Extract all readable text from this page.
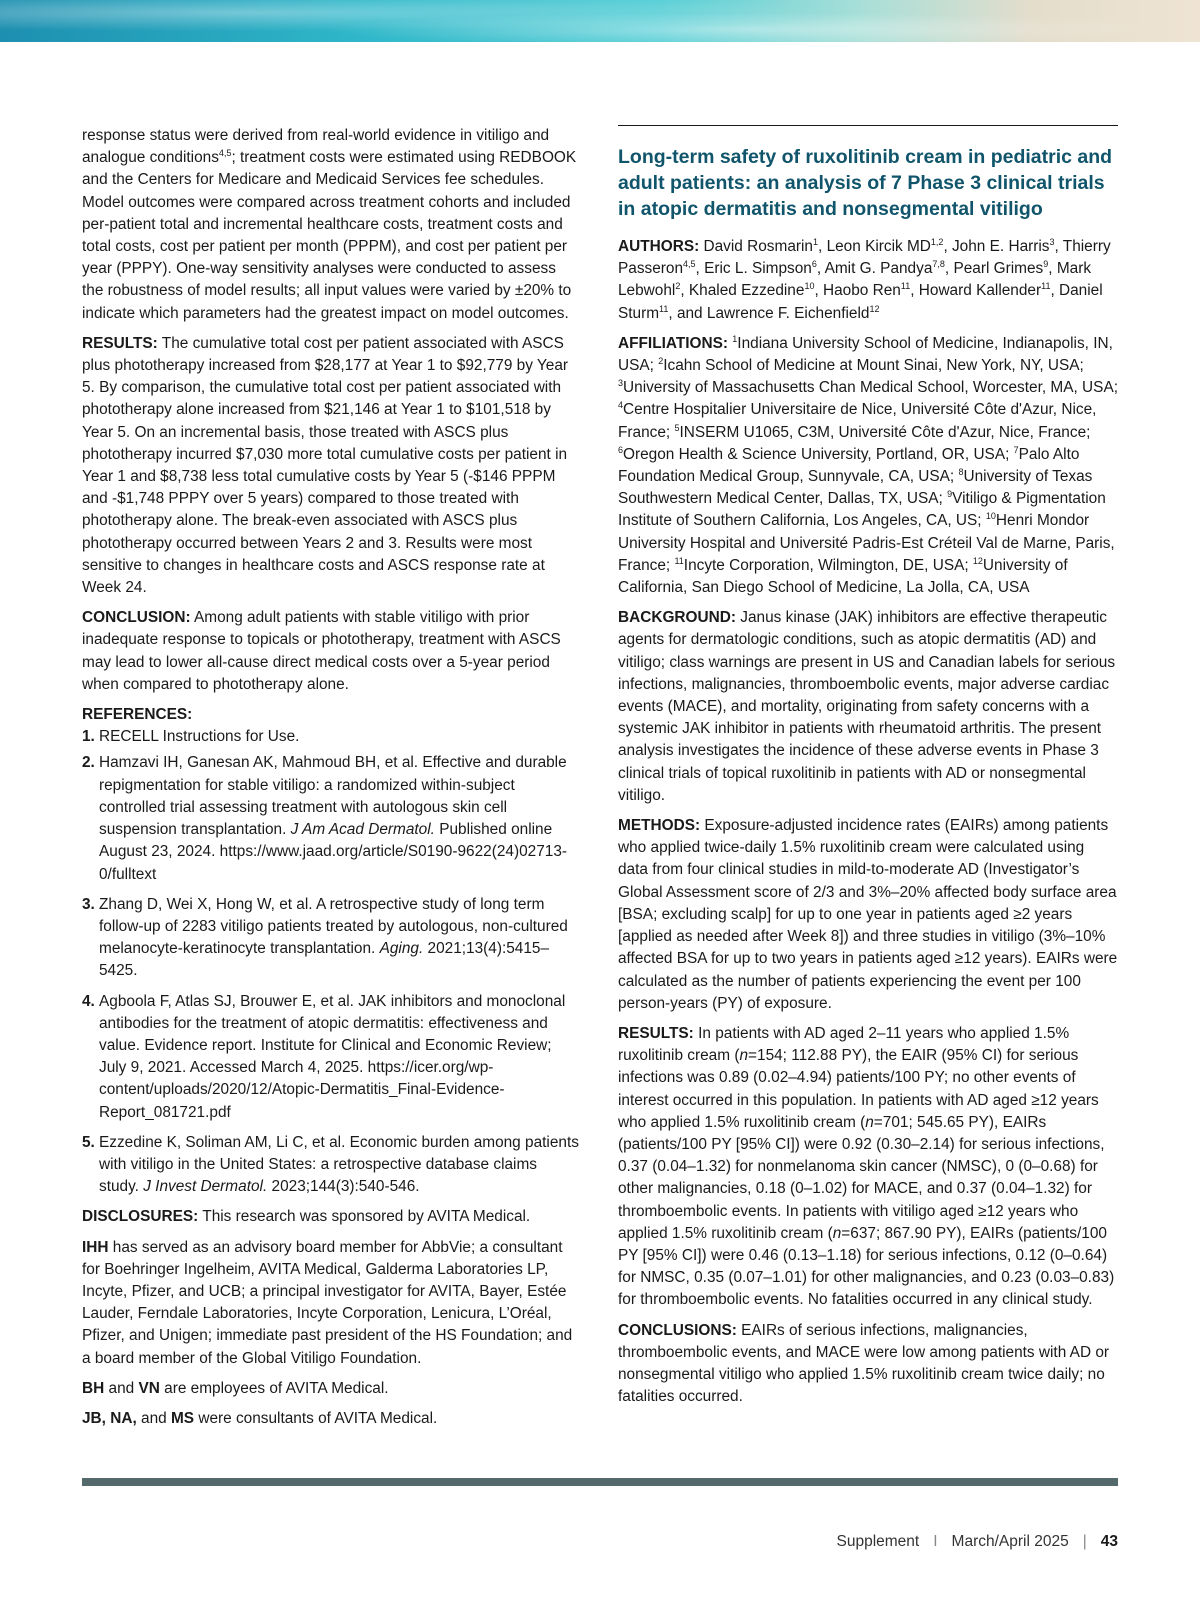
response status were derived from real-world evidence in vitiligo and analogue conditions$^{4,5}$; treatment costs were estimated using REDBOOK and the Centers for Medicare and Medicaid Services fee schedules. Model outcomes were compared across treatment cohorts and included per-patient total and incremental healthcare costs, treatment costs and total costs, cost per patient per month (PPPM), and cost per patient per year (PPPY). One-way sensitivity analyses were conducted to assess the robustness of model results; all input values were varied by ±20% to indicate which parameters had the greatest impact on model outcomes.

RESULTS: The cumulative total cost per patient associated with ASCS plus phototherapy increased from $28,177 at Year 1 to $92,779 by Year 5. By comparison, the cumulative total cost per patient associated with phototherapy alone increased from $21,146 at Year 1 to $101,518 by Year 5. On an incremental basis, those treated with ASCS plus phototherapy incurred $7,030 more total cumulative costs per patient in Year 1 and $8,738 less total cumulative costs by Year 5 (-$146 PPPM and -$1,748 PPPY over 5 years) compared to those treated with phototherapy alone. The break-even associated with ASCS plus phototherapy occurred between Years 2 and 3. Results were most sensitive to changes in healthcare costs and ASCS response rate at Week 24.

CONCLUSION: Among adult patients with stable vitiligo with prior inadequate response to topicals or phototherapy, treatment with ASCS may lead to lower all-cause direct medical costs over a 5-year period when compared to phototherapy alone.

REFERENCES:
1. RECELL Instructions for Use.
2. Hamzavi IH, Ganesan AK, Mahmoud BH, et al. Effective and durable repigmentation for stable vitiligo: a randomized within-subject controlled trial assessing treatment with autologous skin cell suspension transplantation. J Am Acad Dermatol. Published online August 23, 2024. https://www.jaad.org/article/S0190-9622(24)02713-0/fulltext
3. Zhang D, Wei X, Hong W, et al. A retrospective study of long term follow-up of 2283 vitiligo patients treated by autologous, non-cultured melanocyte-keratinocyte transplantation. Aging. 2021;13(4):5415–5425.
4. Agboola F, Atlas SJ, Brouwer E, et al. JAK inhibitors and monoclonal antibodies for the treatment of atopic dermatitis: effectiveness and value. Evidence report. Institute for Clinical and Economic Review; July 9, 2021. Accessed March 4, 2025. https://icer.org/wp-content/uploads/2020/12/Atopic-Dermatitis_Final-Evidence-Report_081721.pdf
5. Ezzedine K, Soliman AM, Li C, et al. Economic burden among patients with vitiligo in the United States: a retrospective database claims study. J Invest Dermatol. 2023;144(3):540-546.

DISCLOSURES: This research was sponsored by AVITA Medical.

IHH has served as an advisory board member for AbbVie; a consultant for Boehringer Ingelheim, AVITA Medical, Galderma Laboratories LP, Incyte, Pfizer, and UCB; a principal investigator for AVITA, Bayer, Estée Lauder, Ferndale Laboratories, Incyte Corporation, Lenicura, L’Oréal, Pfizer, and Unigen; immediate past president of the HS Foundation; and a board member of the Global Vitiligo Foundation.

BH and VN are employees of AVITA Medical.

JB, NA, and MS were consultants of AVITA Medical.

Long-term safety of ruxolitinib cream in pediatric and adult patients: an analysis of 7 Phase 3 clinical trials in atopic dermatitis and nonsegmental vitiligo

AUTHORS: David Rosmarin$^1$, Leon Kircik MD$^{1,2}$, John E. Harris$^3$, Thierry Passeron$^{4,5}$, Eric L. Simpson$^6$, Amit G. Pandya$^{7,8}$, Pearl Grimes$^9$, Mark Lebwohl$^2$, Khaled Ezzedine$^{10}$, Haobo Ren$^{11}$, Howard Kallender$^{11}$, Daniel Sturm$^{11}$, and Lawrence F. Eichenfield$^{12}$

AFFILIATIONS: $^1$Indiana University School of Medicine, Indianapolis, IN, USA; $^2$Icahn School of Medicine at Mount Sinai, New York, NY, USA; $^3$University of Massachusetts Chan Medical School, Worcester, MA, USA; $^4$Centre Hospitalier Universitaire de Nice, Université Côte d'Azur, Nice, France; $^5$INSERM U1065, C3M, Université Côte d'Azur, Nice, France; $^6$Oregon Health & Science University, Portland, OR, USA; $^7$Palo Alto Foundation Medical Group, Sunnyvale, CA, USA; $^8$University of Texas Southwestern Medical Center, Dallas, TX, USA; $^9$Vitiligo & Pigmentation Institute of Southern California, Los Angeles, CA, US; $^{10}$Henri Mondor University Hospital and Université Padris-Est Créteil Val de Marne, Paris, France; $^{11}$Incyte Corporation, Wilmington, DE, USA; $^{12}$University of California, San Diego School of Medicine, La Jolla, CA, USA

BACKGROUND: Janus kinase (JAK) inhibitors are effective therapeutic agents for dermatologic conditions, such as atopic dermatitis (AD) and vitiligo; class warnings are present in US and Canadian labels for serious infections, malignancies, thromboembolic events, major adverse cardiac events (MACE), and mortality, originating from safety concerns with a systemic JAK inhibitor in patients with rheumatoid arthritis. The present analysis investigates the incidence of these adverse events in Phase 3 clinical trials of topical ruxolitinib in patients with AD or nonsegmental vitiligo.

METHODS: Exposure-adjusted incidence rates (EAIRs) among patients who applied twice-daily 1.5% ruxolitinib cream were calculated using data from four clinical studies in mild-to-moderate AD (Investigator’s Global Assessment score of 2/3 and 3%–20% affected body surface area [BSA; excluding scalp] for up to one year in patients aged ≥2 years [applied as needed after Week 8]) and three studies in vitiligo (3%–10% affected BSA for up to two years in patients aged ≥12 years). EAIRs were calculated as the number of patients experiencing the event per 100 person-years (PY) of exposure.

RESULTS: In patients with AD aged 2–11 years who applied 1.5% ruxolitinib cream (n=154; 112.88 PY), the EAIR (95% CI) for serious infections was 0.89 (0.02–4.94) patients/100 PY; no other events of interest occurred in this population. In patients with AD aged ≥12 years who applied 1.5% ruxolitinib cream (n=701; 545.65 PY), EAIRs (patients/100 PY [95% CI]) were 0.92 (0.30–2.14) for serious infections, 0.37 (0.04–1.32) for nonmelanoma skin cancer (NMSC), 0 (0–0.68) for other malignancies, 0.18 (0–1.02) for MACE, and 0.37 (0.04–1.32) for thromboembolic events. In patients with vitiligo aged ≥12 years who applied 1.5% ruxolitinib cream (n=637; 867.90 PY), EAIRs (patients/100 PY [95% CI]) were 0.46 (0.13–1.18) for serious infections, 0.12 (0–0.64) for NMSC, 0.35 (0.07–1.01) for other malignancies, and 0.23 (0.03–0.83) for thromboembolic events. No fatalities occurred in any clinical study.

CONCLUSIONS: EAIRs of serious infections, malignancies, thromboembolic events, and MACE were low among patients with AD or nonsegmental vitiligo who applied 1.5% ruxolitinib cream twice daily; no fatalities occurred.

Supplement I March/April 2025 | 43
